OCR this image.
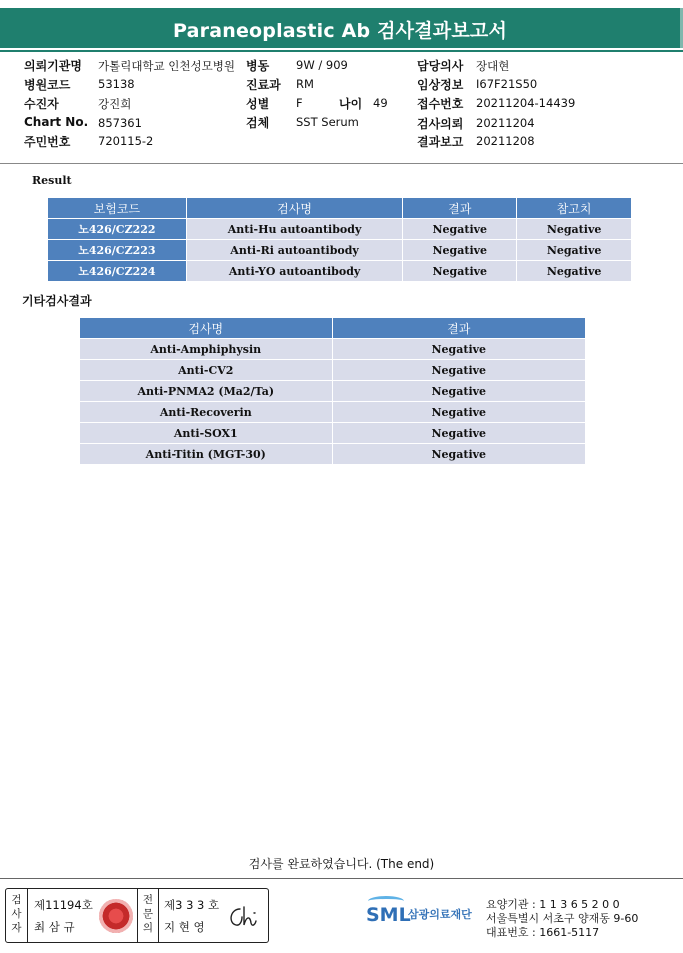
Paraneoplastic Ab 검사결과보고서
의뢰기관명 가톨릭대학교 인천성모병원 병동 9W / 909	담당의사 장대현
병원코드 53138	진료과 RM	임상정보 I67F21S50
수진자	강진희	성별 F	나이 49 접수번호 20211204-14439
Chart No. 857361	검체 SST Serum	검사의뢰 20211204
주민번호 720115-2	결과보고 20211208
Result
보험코드	검사명	결과	참고치
노426/CZ222	Anti-Hu autoantibody	Negative	Negative
노426/CZ223	Anti-Ri autoantibody	Negative	Negative
노426/CZ224	Anti-YO autoantibody	Negative	Negative
기타검사결과
검사명	결과
Anti-Amphiphysin	Negative
Anti-CV2	Negative
Anti-PNMA2 (Ma2/Ta)	Negative
Anti-Recoverin	Negative
Anti-SOX1	Negative
Anti-Titin (MGT-30)	Negative
검사를 완료하였습니다. (The end)
검사자
제11194호
최 삼 규
전문의
제3 3 3 호
지 현 영
SML
삼광의료재단
요양기관 : 1 1 3 6 5 2 0 0
서울특별시 서초구 양재동 9-60
대표번호 : 1661-5117
